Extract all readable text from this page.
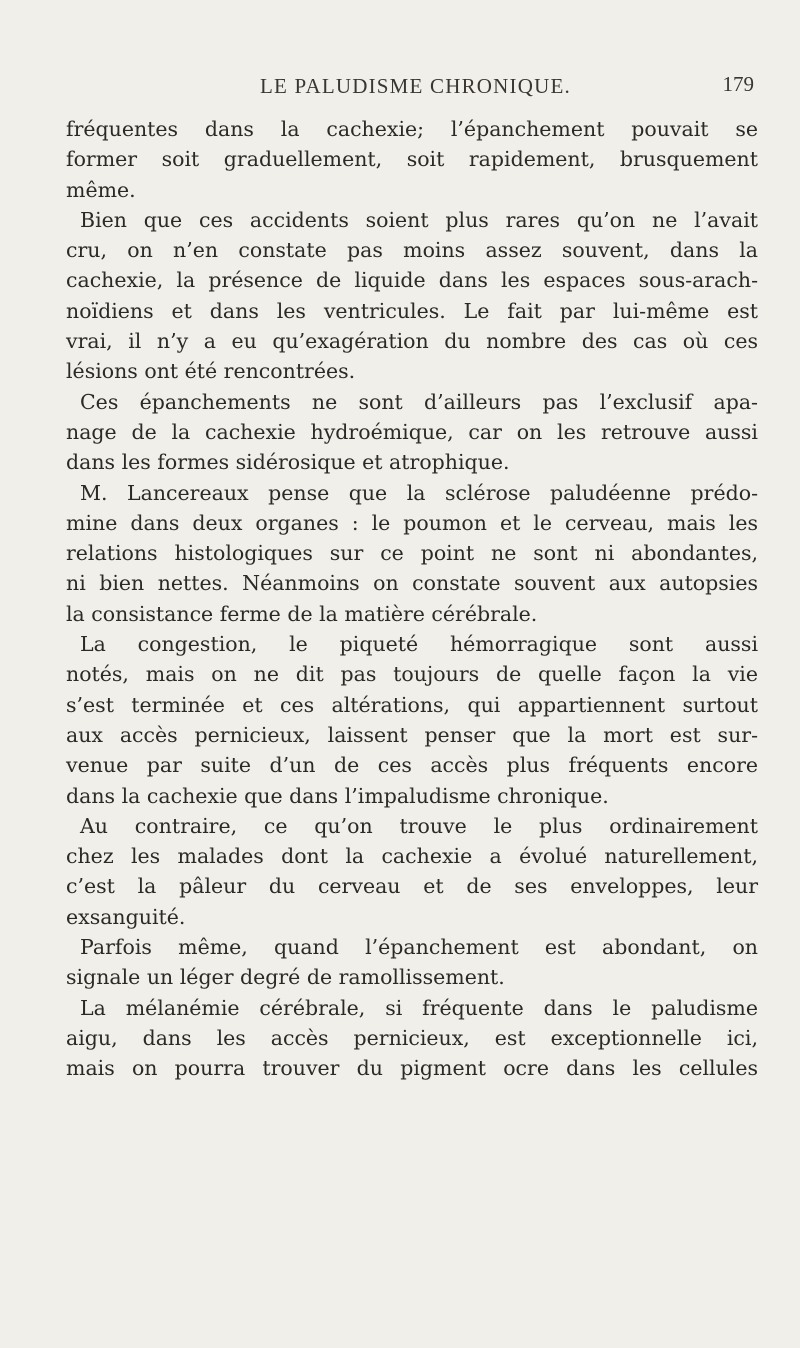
LE PALUDISME CHRONIQUE.	179
fréquentes dans la cachexie; l’épanchement pouvait se
former soit graduellement, soit rapidement, brusquement
même.
Bien que ces accidents soient plus rares qu’on ne l’avait
cru, on n’en constate pas moins assez souvent, dans la
cachexie, la présence de liquide dans les espaces sous-arach-
noïdiens et dans les ventricules. Le fait par lui-même est
vrai, il n’y a eu qu’exagération du nombre des cas où ces
lésions ont été rencontrées.
Ces épanchements ne sont d’ailleurs pas l’exclusif apa-
nage de la cachexie hydroémique, car on les retrouve aussi
dans les formes sidérosique et atrophique.
M. Lancereaux pense que la sclérose paludéenne prédo-
mine dans deux organes : le poumon et le cerveau, mais les
relations histologiques sur ce point ne sont ni abondantes,
ni bien nettes. Néanmoins on constate souvent aux autopsies
la consistance ferme de la matière cérébrale.
La congestion, le piqueté hémorragique sont aussi
notés, mais on ne dit pas toujours de quelle façon la vie
s’est terminée et ces altérations, qui appartiennent surtout
aux accès pernicieux, laissent penser que la mort est sur-
venue par suite d’un de ces accès plus fréquents encore
dans la cachexie que dans l’impaludisme chronique.
Au contraire, ce qu’on trouve le plus ordinairement
chez les malades dont la cachexie a évolué naturellement,
c’est la pâleur du cerveau et de ses enveloppes, leur
exsanguité.
Parfois même, quand l’épanchement est abondant, on
signale un léger degré de ramollissement.
La mélanémie cérébrale, si fréquente dans le paludisme
aigu, dans les accès pernicieux, est exceptionnelle ici,
mais on pourra trouver du pigment ocre dans les cellules
